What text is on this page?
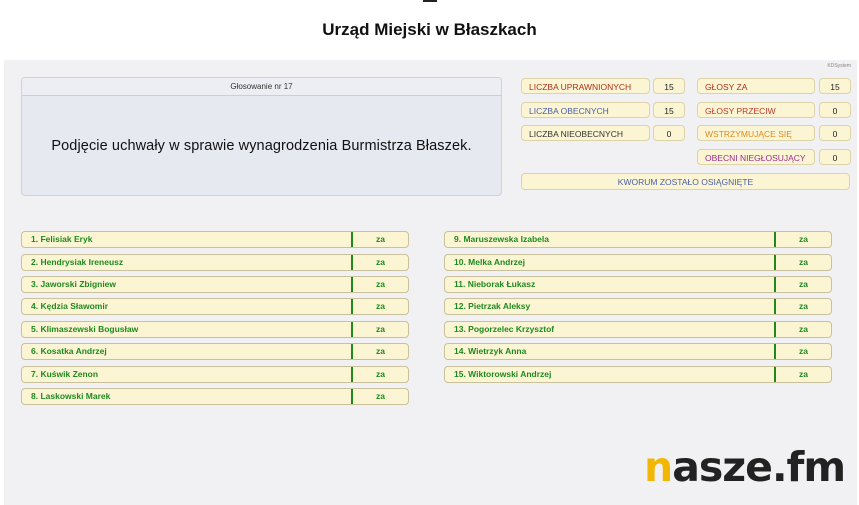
Urząd Miejski w Błaszkach
KDSystem
Głosowanie nr 17
Podjęcie uchwały w sprawie wynagrodzenia Burmistrza Błaszek.
LICZBA UPRAWNIONYCH	15
LICZBA OBECNYCH	15
LICZBA NIEOBECNYCH	0
GŁOSY ZA	15
GŁOSY PRZECIW	0
WSTRZYMUJĄCE SIĘ	0
OBECNI NIEGŁOSUJĄCY	0
KWORUM ZOSTAŁO OSIĄGNIĘTE
1. Felisiak Eryk	za
2. Hendrysiak Ireneusz	za
3. Jaworski Zbigniew	za
4. Kędzia Sławomir	za
5. Klimaszewski Bogusław	za
6. Kosatka Andrzej	za
7. Kuświk Zenon	za
8. Laskowski Marek	za
9. Maruszewska Izabela	za
10. Melka Andrzej	za
11. Nieborak Łukasz	za
12. Pietrzak Aleksy	za
13. Pogorzelec Krzysztof	za
14. Wietrzyk Anna	za
15. Wiktorowski Andrzej	za
nasze.fm
